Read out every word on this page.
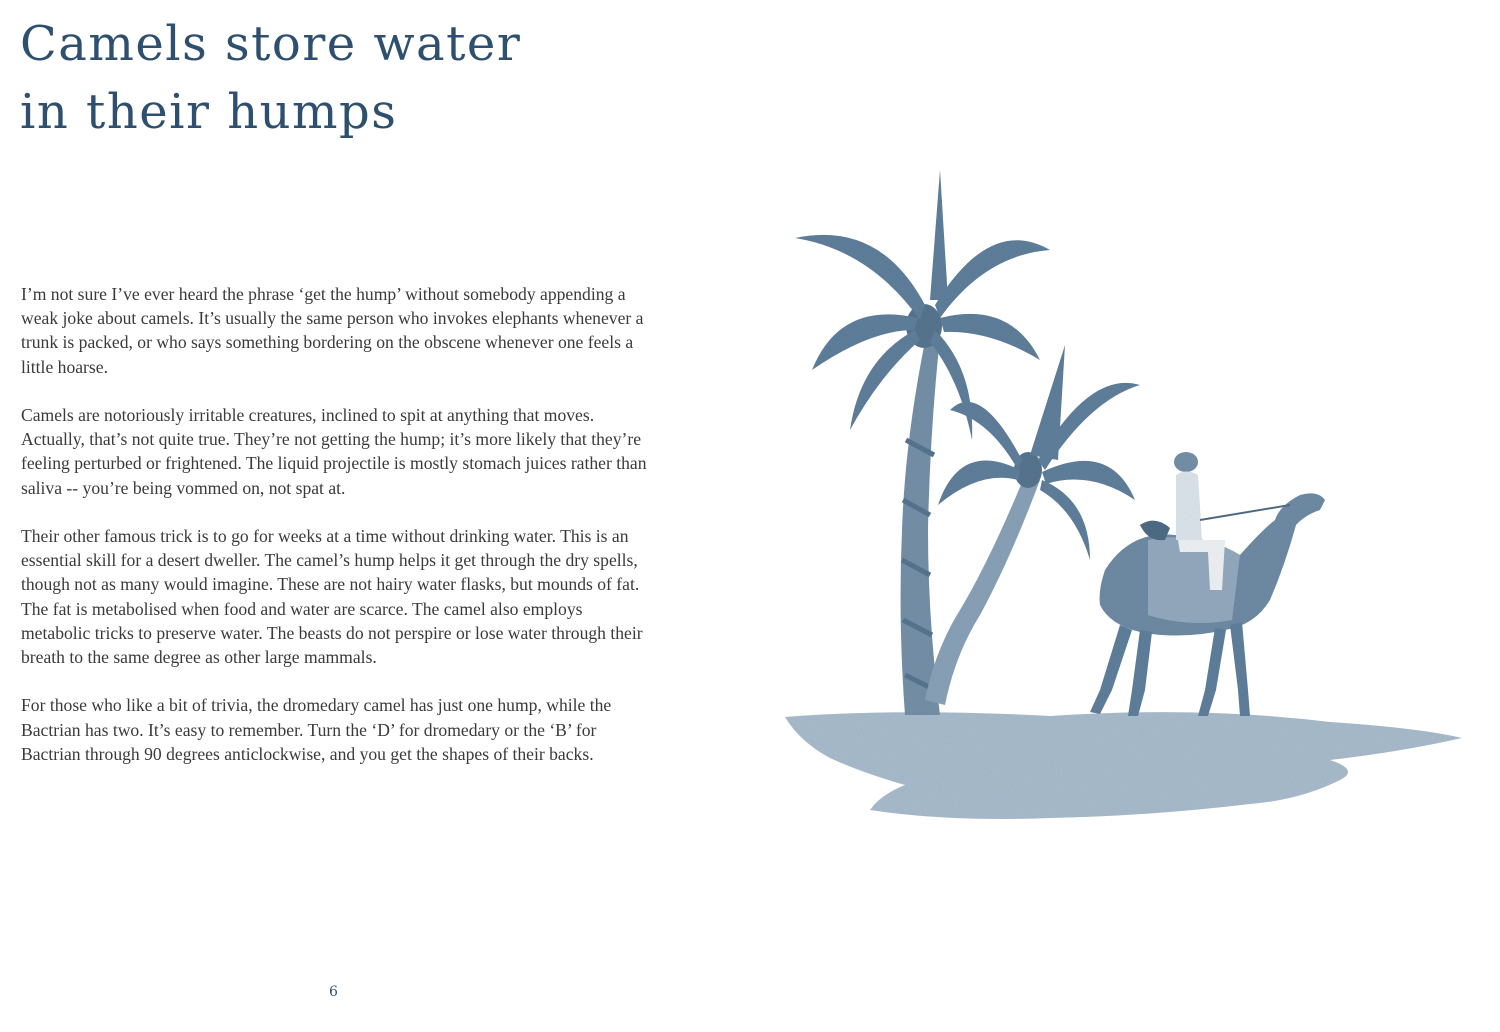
Camels store water
in their humps

I’m not sure I’ve ever heard the phrase ‘get the hump’ without somebody appending a weak joke about camels. It’s usually the same person who invokes elephants whenever a trunk is packed, or who says something bordering on the obscene whenever one feels a little hoarse.

Camels are notoriously irritable creatures, inclined to spit at anything that moves. Actually, that’s not quite true. They’re not getting the hump; it’s more likely that they’re feeling perturbed or frightened. The liquid projectile is mostly stomach juices rather than saliva -- you’re being vommed on, not spat at.

Their other famous trick is to go for weeks at a time without drinking water. This is an essential skill for a desert dweller. The camel’s hump helps it get through the dry spells, though not as many would imagine. These are not hairy water flasks, but mounds of fat. The fat is metabolised when food and water are scarce. The camel also employs metabolic tricks to preserve water. The beasts do not perspire or lose water through their breath to the same degree as other large mammals.

For those who like a bit of trivia, the dromedary camel has just one hump, while the Bactrian has two. It’s easy to remember. Turn the ‘D’ for dromedary or the ‘B’ for Bactrian through 90 degrees anticlockwise, and you get the shapes of their backs.

6
